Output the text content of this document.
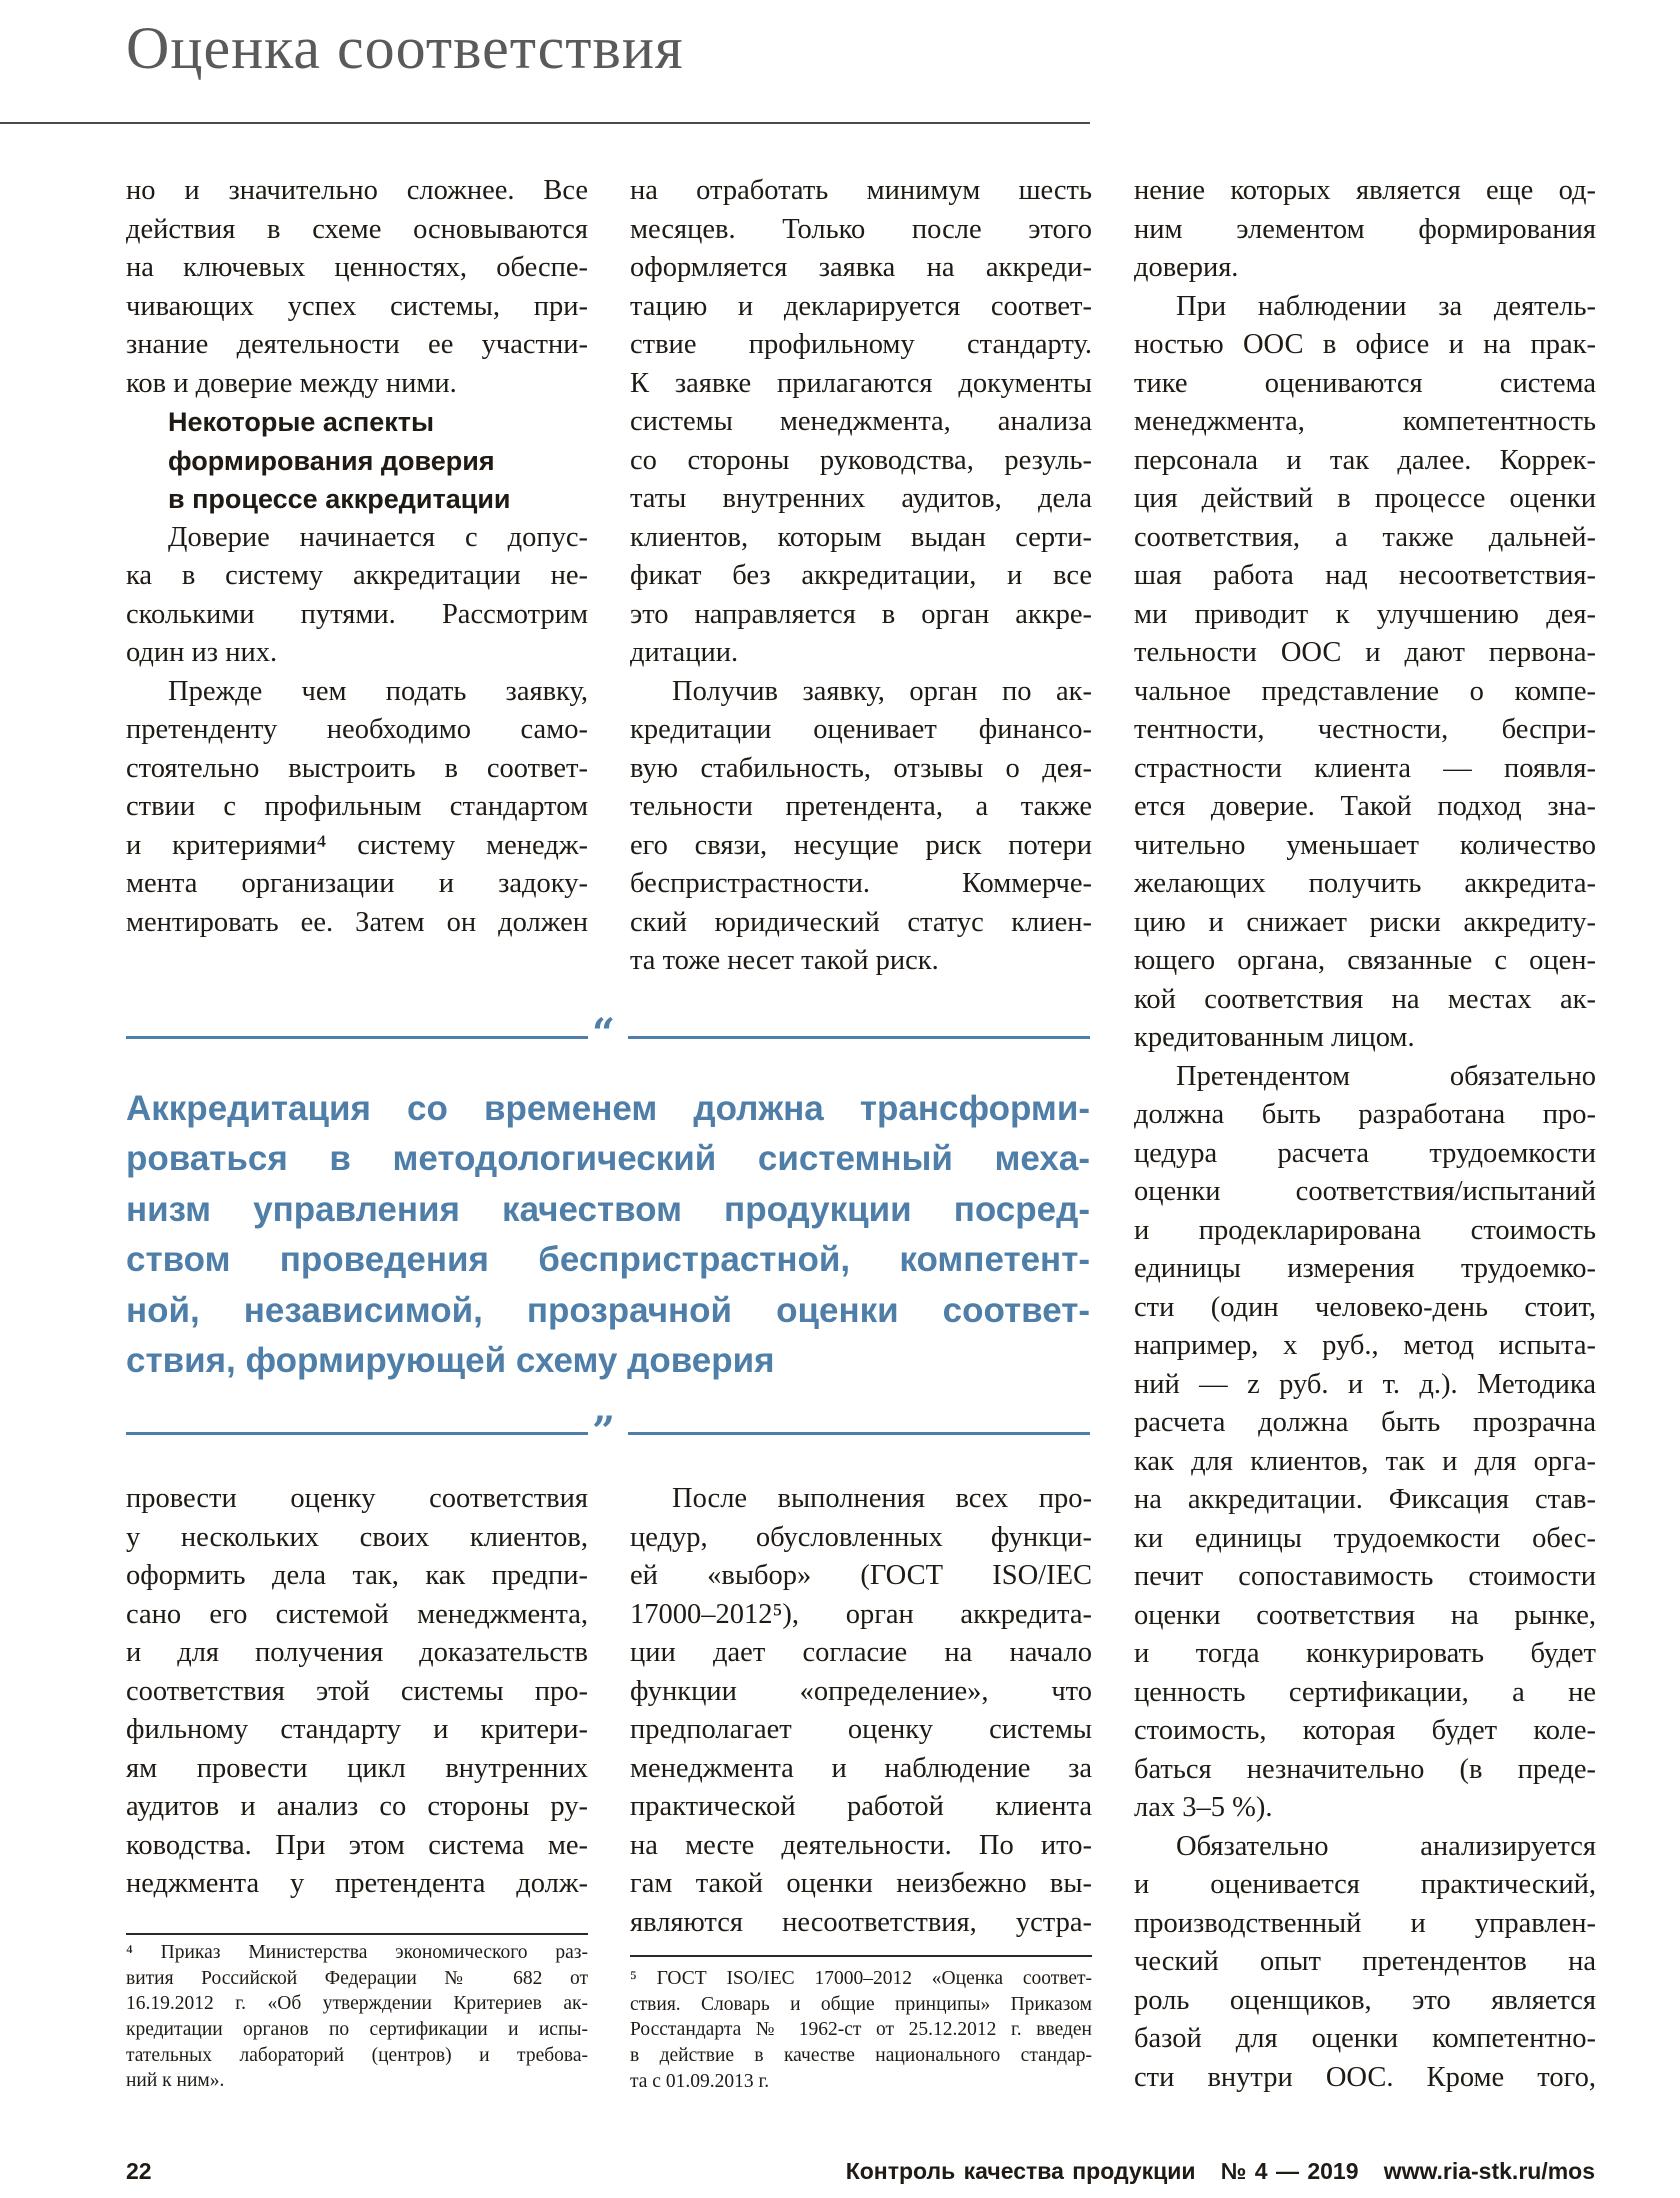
Оценка соответствия
но и значительно сложнее. Все
действия в схеме основываются
на ключевых ценностях, обеспе-
чивающих успех системы, при-
знание деятельности ее участни-
ков и доверие между ними.
Некоторые аспекты
формирования доверия
в процессе аккредитации
Доверие начинается с допус-
ка в систему аккредитации не-
сколькими путями. Рассмотрим
один из них.
Прежде чем подать заявку,
претенденту необходимо само-
стоятельно выстроить в соответ-
ствии с профильным стандартом
и критериями⁴ систему менедж-
мента организации и задоку-
ментировать ее. Затем он должен
на отработать минимум шесть
месяцев. Только после этого
оформляется заявка на аккреди-
тацию и декларируется соответ-
ствие профильному стандарту.
К заявке прилагаются документы
системы менеджмента, анализа
со стороны руководства, резуль-
таты внутренних аудитов, дела
клиентов, которым выдан серти-
фикат без аккредитации, и все
это направляется в орган аккре-
дитации.
Получив заявку, орган по ак-
кредитации оценивает финансо-
вую стабильность, отзывы о дея-
тельности претендента, а также
его связи, несущие риск потери
беспристрастности. Коммерче-
ский юридический статус клиен-
та тоже несет такой риск.
нение которых является еще од-
ним элементом формирования
доверия.
При наблюдении за деятель-
ностью ООС в офисе и на прак-
тике оцениваются система
менеджмента, компетентность
персонала и так далее. Коррек-
ция действий в процессе оценки
соответствия, а также дальней-
шая работа над несоответствия-
ми приводит к улучшению дея-
тельности ООС и дают первона-
чальное представление о компе-
тентности, честности, беспри-
страстности клиента — появля-
ется доверие. Такой подход зна-
чительно уменьшает количество
желающих получить аккредита-
цию и снижает риски аккредиту-
ющего органа, связанные с оцен-
кой соответствия на местах ак-
кредитованным лицом.
Претендентом обязательно
должна быть разработана про-
цедура расчета трудоемкости
оценки соответствия/испытаний
и продекларирована стоимость
единицы измерения трудоемко-
сти (один человеко-день стоит,
например, x руб., метод испыта-
ний — z руб. и т. д.). Методика
расчета должна быть прозрачна
как для клиентов, так и для орга-
на аккредитации. Фиксация став-
ки единицы трудоемкости обес-
печит сопоставимость стоимости
оценки соответствия на рынке,
и тогда конкурировать будет
ценность сертификации, а не
стоимость, которая будет коле-
баться незначительно (в преде-
лах 3–5 %).
Обязательно анализируется
и оценивается практический,
производственный и управлен-
ческий опыт претендентов на
роль оценщиков, это является
базой для оценки компетентно-
сти внутри ООС. Кроме того,
“
Аккредитация со временем должна трансформи-
роваться в методологический системный меха-
низм управления качеством продукции посред-
ством проведения беспристрастной, компетент-
ной, независимой, прозрачной оценки соответ-
ствия, формирующей схему доверия
”
провести оценку соответствия
у нескольких своих клиентов,
оформить дела так, как предпи-
сано его системой менеджмента,
и для получения доказательств
соответствия этой системы про-
фильному стандарту и критери-
ям провести цикл внутренних
аудитов и анализ со стороны ру-
ководства. При этом система ме-
неджмента у претендента долж-
После выполнения всех про-
цедур, обусловленных функци-
ей «выбор» (ГОСТ ISO/IEC
17000–2012⁵), орган аккредита-
ции дает согласие на начало
функции «определение», что
предполагает оценку системы
менеджмента и наблюдение за
практической работой клиента
на месте деятельности. По ито-
гам такой оценки неизбежно вы-
являются несоответствия, устра-
⁴ Приказ Министерства экономического раз-
вития Российской Федерации № 682 от
16.19.2012 г. «Об утверждении Критериев ак-
кредитации органов по сертификации и испы-
тательных лабораторий (центров) и требова-
ний к ним».
⁵ ГОСТ ISO/IEC 17000–2012 «Оценка соответ-
ствия. Словарь и общие принципы» Приказом
Росстандарта № 1962-ст от 25.12.2012 г. введен
в действие в качестве национального стандар-
та с 01.09.2013 г.
22	Контроль качества продукции № 4 — 2019 www.ria-stk.ru/mos
